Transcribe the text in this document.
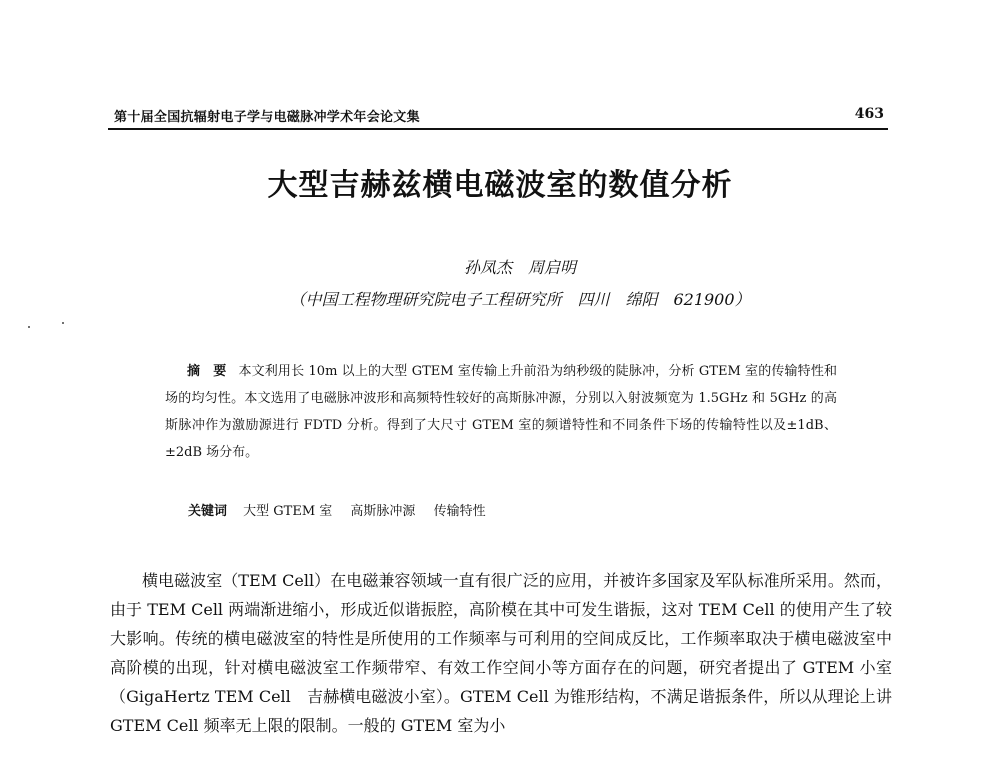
第十届全国抗辐射电子学与电磁脉冲学术年会论文集	463
大型吉赫兹横电磁波室的数值分析
孙凤杰　周启明
（中国工程物理研究院电子工程研究所　四川　绵阳　621900）
摘　要 本文利用长 10m 以上的大型 GTEM 室传输上升前沿为纳秒级的陡脉冲，分析 GTEM 室的传输特性和场的均匀性。本文选用了电磁脉冲波形和高频特性较好的高斯脉冲源，分别以入射波频宽为 1.5GHz 和 5GHz 的高斯脉冲作为激励源进行 FDTD 分析。得到了大尺寸 GTEM 室的频谱特性和不同条件下场的传输特性以及±1dB、±2dB 场分布。
关键词 大型 GTEM 室 高斯脉冲源 传输特性

横电磁波室（TEM Cell）在电磁兼容领域一直有很广泛的应用，并被许多国家及军队标准所采用。然而，由于 TEM Cell 两端渐进缩小，形成近似谐振腔，高阶模在其中可发生谐振，这对 TEM Cell 的使用产生了较大影响。传统的横电磁波室的特性是所使用的工作频率与可利用的空间成反比，工作频率取决于横电磁波室中高阶模的出现，针对横电磁波室工作频带窄、有效工作空间小等方面存在的问题，研究者提出了 GTEM 小室（GigaHertz TEM Cell　吉赫横电磁波小室）。GTEM Cell 为锥形结构，不满足谐振条件，所以从理论上讲 GTEM Cell 频率无上限的限制。一般的 GTEM 室为小
